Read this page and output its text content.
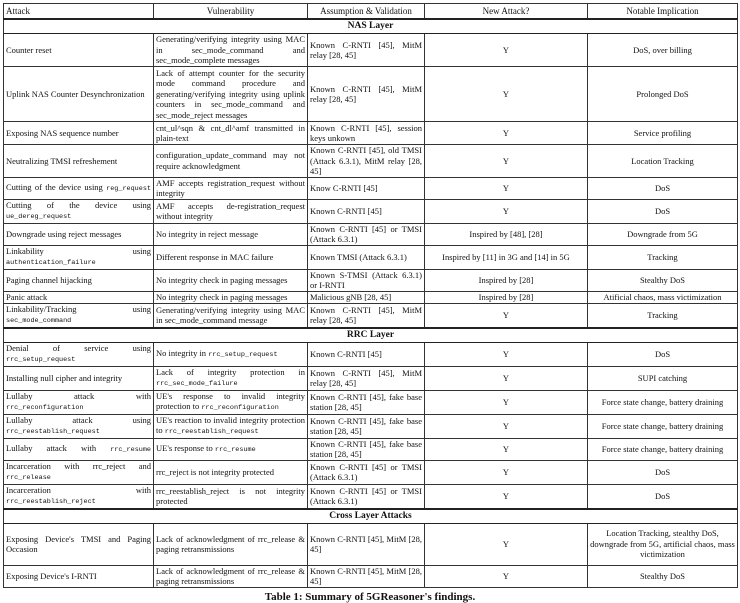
Attack	Vulnerability	Assumption & Validation	New Attack?	Notable Implication
NAS Layer				
Counter reset	Generating/verifying integrity using MAC in sec_mode_command and sec_mode_complete messages	Known C-RNTI [45], MitM relay [28, 45]	Y	DoS, over billing
Uplink NAS Counter Desynchronization	Lack of attempt counter for the security mode command procedure and generating/verifying integrity using uplink counters in sec_mode_command and sec_mode_reject messages	Known C-RNTI [45], MitM relay [28, 45]	Y	Prolonged DoS
Exposing NAS sequence number	cnt_ul^sqn & cnt_dl^amf transmitted in plain-text	Known C-RNTI [45], session keys unkown	Y	Service profiling
Neutralizing TMSI refreshement	configuration_update_command may not require acknowledgment	Known C-RNTI [45], old TMSI (Attack 6.3.1), MitM relay [28, 45]	Y	Location Tracking
Cutting of the device using reg_request	AMF accepts registration_request without integrity	Know C-RNTI [45]	Y	DoS
Cutting of the device using ue_dereg_request	AMF accepts de-registration_request without integrity	Known C-RNTI [45]	Y	DoS
Downgrade using reject messages	No integrity in reject message	Known C-RNTI [45] or TMSI (Attack 6.3.1)	Inspired by [48], [28]	Downgrade from 5G
Linkability using authentication_failure	Different response in MAC failure	Known TMSI (Attack 6.3.1)	Inspired by [11] in 3G and [14] in 5G	Tracking
Paging channel hijacking	No integrity check in paging messages	Known S-TMSI (Attack 6.3.1) or I-RNTI	Inspired by [28]	Stealthy DoS
Panic attack	No integrity check in paging messages	Malicious gNB [28, 45]	Inspired by [28]	Atificial chaos, mass victimization
Linkability/Tracking using sec_mode_command	Generating/verifying integrity using MAC in sec_mode_command message	Known C-RNTI [45], MitM relay [28, 45]	Y	Tracking
RRC Layer				
Denial of service using rrc_setup_request	No integrity in rrc_setup_request	Known C-RNTI [45]	Y	DoS
Installing null cipher and integrity	Lack of integrity protection in rrc_sec_mode_failure	Known C-RNTI [45], MitM relay [28, 45]	Y	SUPI catching
Lullaby attack with rrc_reconfiguration	UE's response to invalid integrity protection to rrc_reconfiguration	Known C-RNTI [45], fake base station [28, 45]	Y	Force state change, battery draining
Lullaby attack using rrc_reestablish_request	UE's reaction to invalid integrity protection to rrc_reestablish_request	Known C-RNTI [45], fake base station [28, 45]	Y	Force state change, battery draining
Lullaby attack with rrc_resume	UE's response to rrc_resume	Known C-RNTI [45], fake base station [28, 45]	Y	Force state change, battery draining
Incarceration with rrc_reject and rrc_release	rrc_reject is not integrity protected	Known C-RNTI [45] or TMSI (Attack 6.3.1)	Y	DoS
Incarceration with rrc_reestablish_reject	rrc_reestablish_reject is not integrity protected	Known C-RNTI [45] or TMSI (Attack 6.3.1)	Y	DoS
Cross Layer Attacks				
Exposing Device's TMSI and Paging Occasion	Lack of acknowledgment of rrc_release & paging retransmissions	Known C-RNTI [45], MitM [28, 45]	Y	Location Tracking, stealthy DoS, downgrade from 5G, artificial chaos, mass victimization
Exposing Device's I-RNTI	Lack of acknowledgment of rrc_release & paging retransmissions	Known C-RNTI [45], MitM [28, 45]	Y	Stealthy DoS
Table 1: Summary of 5GReasoner's findings.
